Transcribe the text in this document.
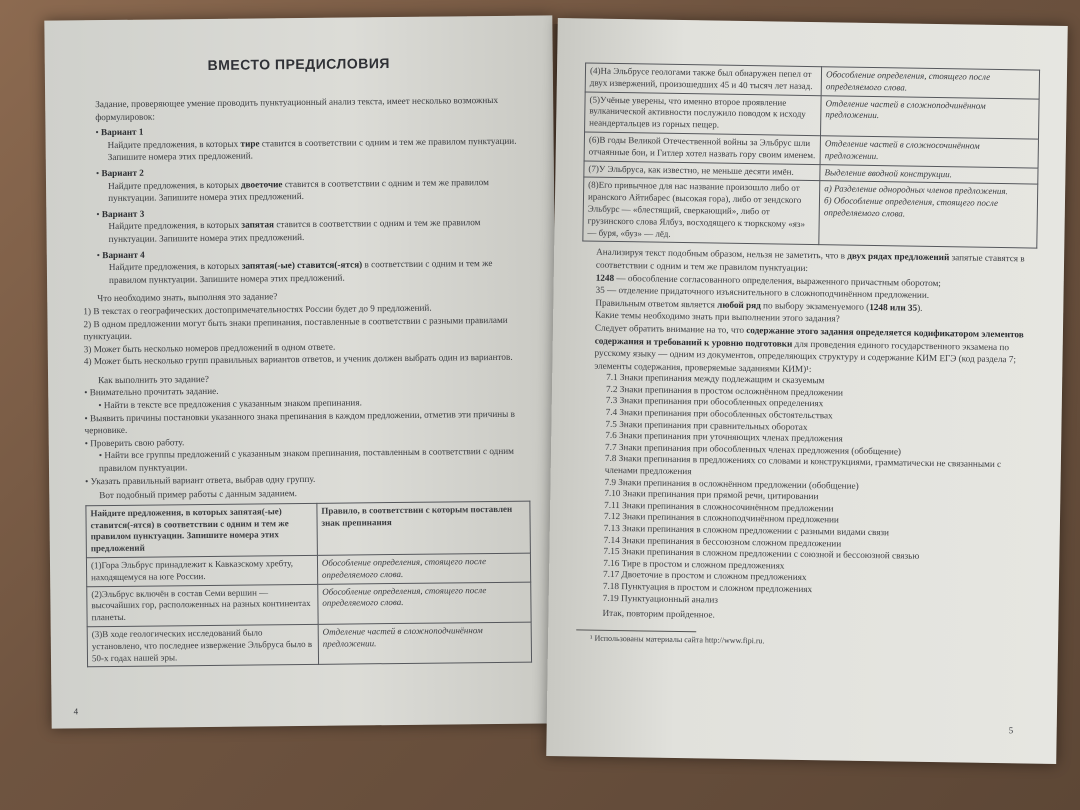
ВМЕСТО ПРЕДИСЛОВИЯ

Задание, проверяющее умение проводить пунктуационный анализ текста, имеет несколько возможных формулировок:

• Вариант 1
Найдите предложения, в которых тире ставится в соответствии с одним и тем же правилом пунктуации. Запишите номера этих предложений.
• Вариант 2
Найдите предложения, в которых двоеточие ставится в соответствии с одним и тем же правилом пунктуации. Запишите номера этих предложений.
• Вариант 3
Найдите предложения, в которых запятая ставится в соответствии с одним и тем же правилом пунктуации. Запишите номера этих предложений.
• Вариант 4
Найдите предложения, в которых запятая(-ые) ставится(-ятся) в соответствии с одним и тем же правилом пунктуации. Запишите номера этих предложений.

Что необходимо знать, выполняя это задание?

1) В текстах о географических достопримечательностях России будет до 9 предложений.
2) В одном предложении могут быть знаки препинания, поставленные в соответствии с разными правилами пунктуации.
3) Может быть несколько номеров предложений в одном ответе.
4) Может быть несколько групп правильных вариантов ответов, и ученик должен выбрать один из вариантов.

Как выполнить это задание?

• Внимательно прочитать задание.
• Найти в тексте все предложения с указанным знаком препинания.
• Выявить причины постановки указанного знака препинания в каждом предложении, отметив эти причины в черновике.
• Проверить свою работу.
• Найти все группы предложений с указанным знаком препинания, поставленным в соответствии с одним правилом пунктуации.
• Указать правильный вариант ответа, выбрав одну группу.

Вот подобный пример работы с данным заданием.

Найдите предложения, в которых запятая(-ые) ставится(-ятся) в соответствии с одним и тем же правилом пунктуации. Запишите номера этих предложений	Правило, в соответствии с которым поставлен знак препинания
(1)Гора Эльбрус принадлежит к Кавказскому хребту, находящемуся на юге России.	Обособление определения, стоящего после определяемого слова.
(2)Эльбрус включён в состав Семи вершин — высочайших гор, расположенных на разных континентах планеты.	Обособление определения, стоящего после определяемого слова.
(3)В ходе геологических исследований было установлено, что последнее извержение Эльбруса было в 50-х годах нашей эры.	Отделение частей в сложноподчинённом предложении.
4
(4)На Эльбрусе геологами также был обнаружен пепел от двух извержений, произошедших 45 и 40 тысяч лет назад.	Обособление определения, стоящего после определяемого слова.
(5)Учёные уверены, что именно второе проявление вулканической активности послужило поводом к исходу неандертальцев из горных пещер.	Отделение частей в сложноподчинённом предложении.
(6)В годы Великой Отечественной войны за Эльбрус шли отчаянные бои, и Гитлер хотел назвать гору своим именем.	Отделение частей в сложносочинённом предложении.
(7)У Эльбруса, как известно, не меньше десяти имён.	Выделение вводной конструкции.
(8)Его привычное для нас название произошло либо от иранского Айтибарес (высокая гора), либо от зендского Эльбурс — «блестящий, сверкающий», либо от грузинского слова Ялбуз, восходящего к тюркскому «яз» — буря, «буз» — лёд.	а) Разделение однородных членов предложения.
б) Обособление определения, стоящего после определяемого слова.
Анализируя текст подобным образом, нельзя не заметить, что в двух рядах предложений запятые ставятся в соответствии с одним и тем же правилом пунктуации:
1248 — обособление согласованного определения, выраженного причастным оборотом;
35 — отделение придаточного изъяснительного в сложноподчинённом предложении.
Правильным ответом является любой ряд по выбору экзаменуемого (1248 или 35).
Какие темы необходимо знать при выполнении этого задания?
Следует обратить внимание на то, что содержание этого задания определяется кодификатором элементов содержания и требований к уровню подготовки для проведения единого государственного экзамена по русскому языку — одним из документов, определяющих структуру и содержание КИМ ЕГЭ (код раздела 7; элементы содержания, проверяемые заданиями КИМ)¹:
7.1 Знаки препинания между подлежащим и сказуемым
7.2 Знаки препинания в простом осложнённом предложении
7.3 Знаки препинания при обособленных определениях
7.4 Знаки препинания при обособленных обстоятельствах
7.5 Знаки препинания при сравнительных оборотах
7.6 Знаки препинания при уточняющих членах предложения
7.7 Знаки препинания при обособленных членах предложения (обобщение)
7.8 Знаки препинания в предложениях со словами и конструкциями, грамматически не связанными с членами предложения
7.9 Знаки препинания в осложнённом предложении (обобщение)
7.10 Знаки препинания при прямой речи, цитировании
7.11 Знаки препинания в сложносочинённом предложении
7.12 Знаки препинания в сложноподчинённом предложении
7.13 Знаки препинания в сложном предложении с разными видами связи
7.14 Знаки препинания в бессоюзном сложном предложении
7.15 Знаки препинания в сложном предложении с союзной и бессоюзной связью
7.16 Тире в простом и сложном предложениях
7.17 Двоеточие в простом и сложном предложениях
7.18 Пунктуация в простом и сложном предложениях
7.19 Пунктуационный анализ
Итак, повторим пройденное.
¹ Использованы материалы сайта http://www.fipi.ru.
5
